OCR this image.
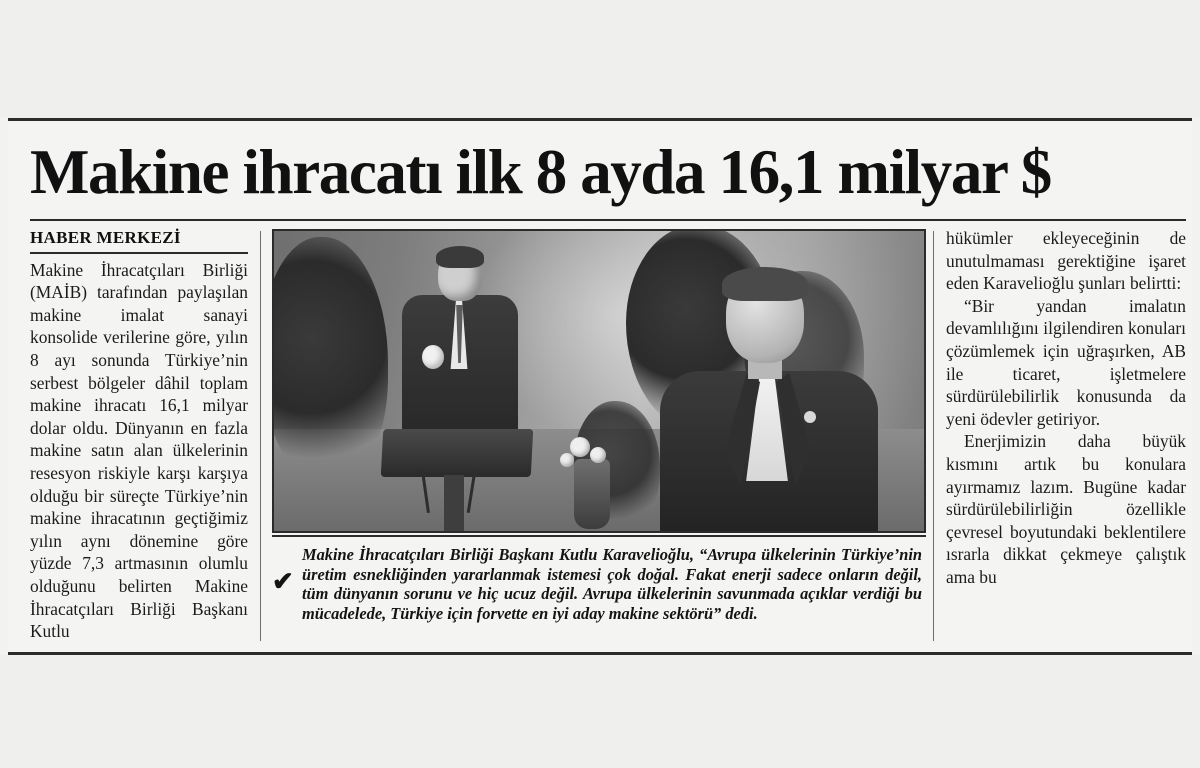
Makine ihracatı ilk 8 ayda 16,1 milyar $
HABER MERKEZİ

Makine İhracatçıları Birliği (MAİB) tarafından paylaşılan makine imalat sanayi konsolide verilerine göre, yılın 8 ayı sonunda Türkiye’nin serbest bölgeler dâhil toplam makine ihracatı 16,1 milyar dolar oldu. Dünyanın en fazla makine satın alan ülkelerinin resesyon riskiyle karşı karşıya olduğu bir süreçte Türkiye’nin makine ihracatının geçtiğimiz yılın aynı dönemine göre yüzde 7,3 artmasının olumlu olduğunu belirten Makine İhracatçıları Birliği Başkanı Kutlu

✔
Makine İhracatçıları Birliği Başkanı Kutlu Karavelioğlu, “Avrupa ülkelerinin Türkiye’nin üretim esnekliğinden yararlanmak istemesi çok doğal. Fakat enerji sadece onların değil, tüm dünyanın sorunu ve hiç ucuz değil. Avrupa ülkelerinin savunmada açıklar verdiği bu mücadelede, Türkiye için forvette en iyi aday makine sektörü” dedi.

hükümler ekleyeceğinin de unutulmaması gerektiğine işaret eden Karavelioğlu şunları belirtti:

“Bir yandan imalatın devamlılığını ilgilendiren konuları çözümlemek için uğraşırken, AB ile ticaret, işletmelere sürdürülebilirlik konusunda da yeni ödevler getiriyor.

Enerjimizin daha büyük kısmını artık bu konulara ayırmamız lazım. Bugüne kadar sürdürülebilirliğin özellikle çevresel boyutundaki beklentilere ısrarla dikkat çekmeye çalıştık ama bu
